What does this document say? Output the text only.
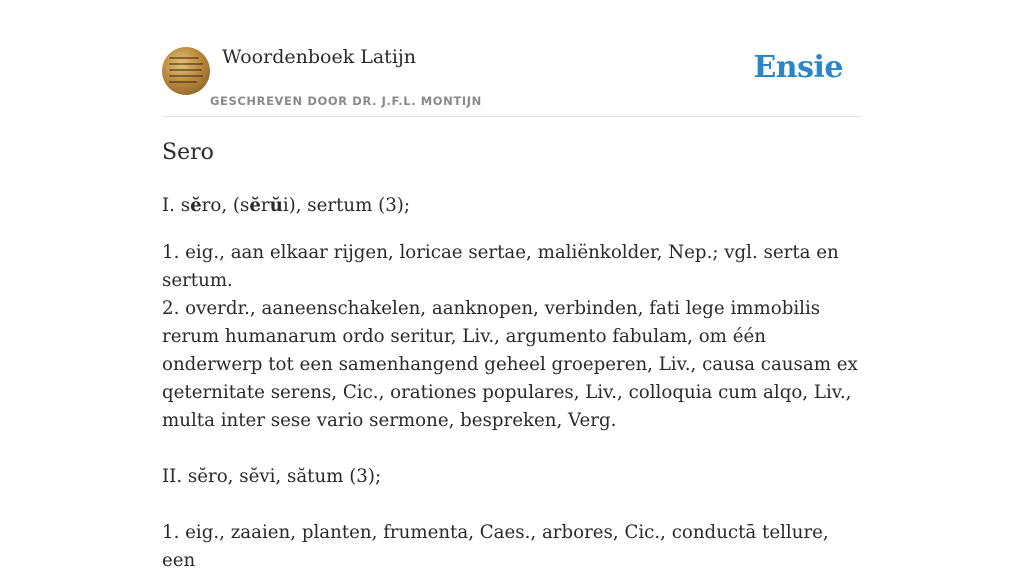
Woordenboek Latijn
GESCHREVEN DOOR DR. J.F.L. MONTIJN
Ensie
Sero

I. sĕro, (sĕrŭi), sertum (3);

1. eig., aan elkaar rijgen, loricae sertae, maliënkolder, Nep.; vgl. serta en sertum.

2. overdr., aaneenschakelen, aanknopen, verbinden, fati lege immobilis rerum humanarum ordo seritur, Liv., argumento fabulam, om één onderwerp tot een samenhangend geheel groeperen, Liv., causa causam ex qeternitate serens, Cic., orationes populares, Liv., colloquia cum alqo, Liv., multa inter sese vario sermone, bespreken, Verg.

II. sĕro, sĕvi, sătum (3);

1. eig., zaaien, planten, frumenta, Caes., arbores, Cic., conductā tellure, een
